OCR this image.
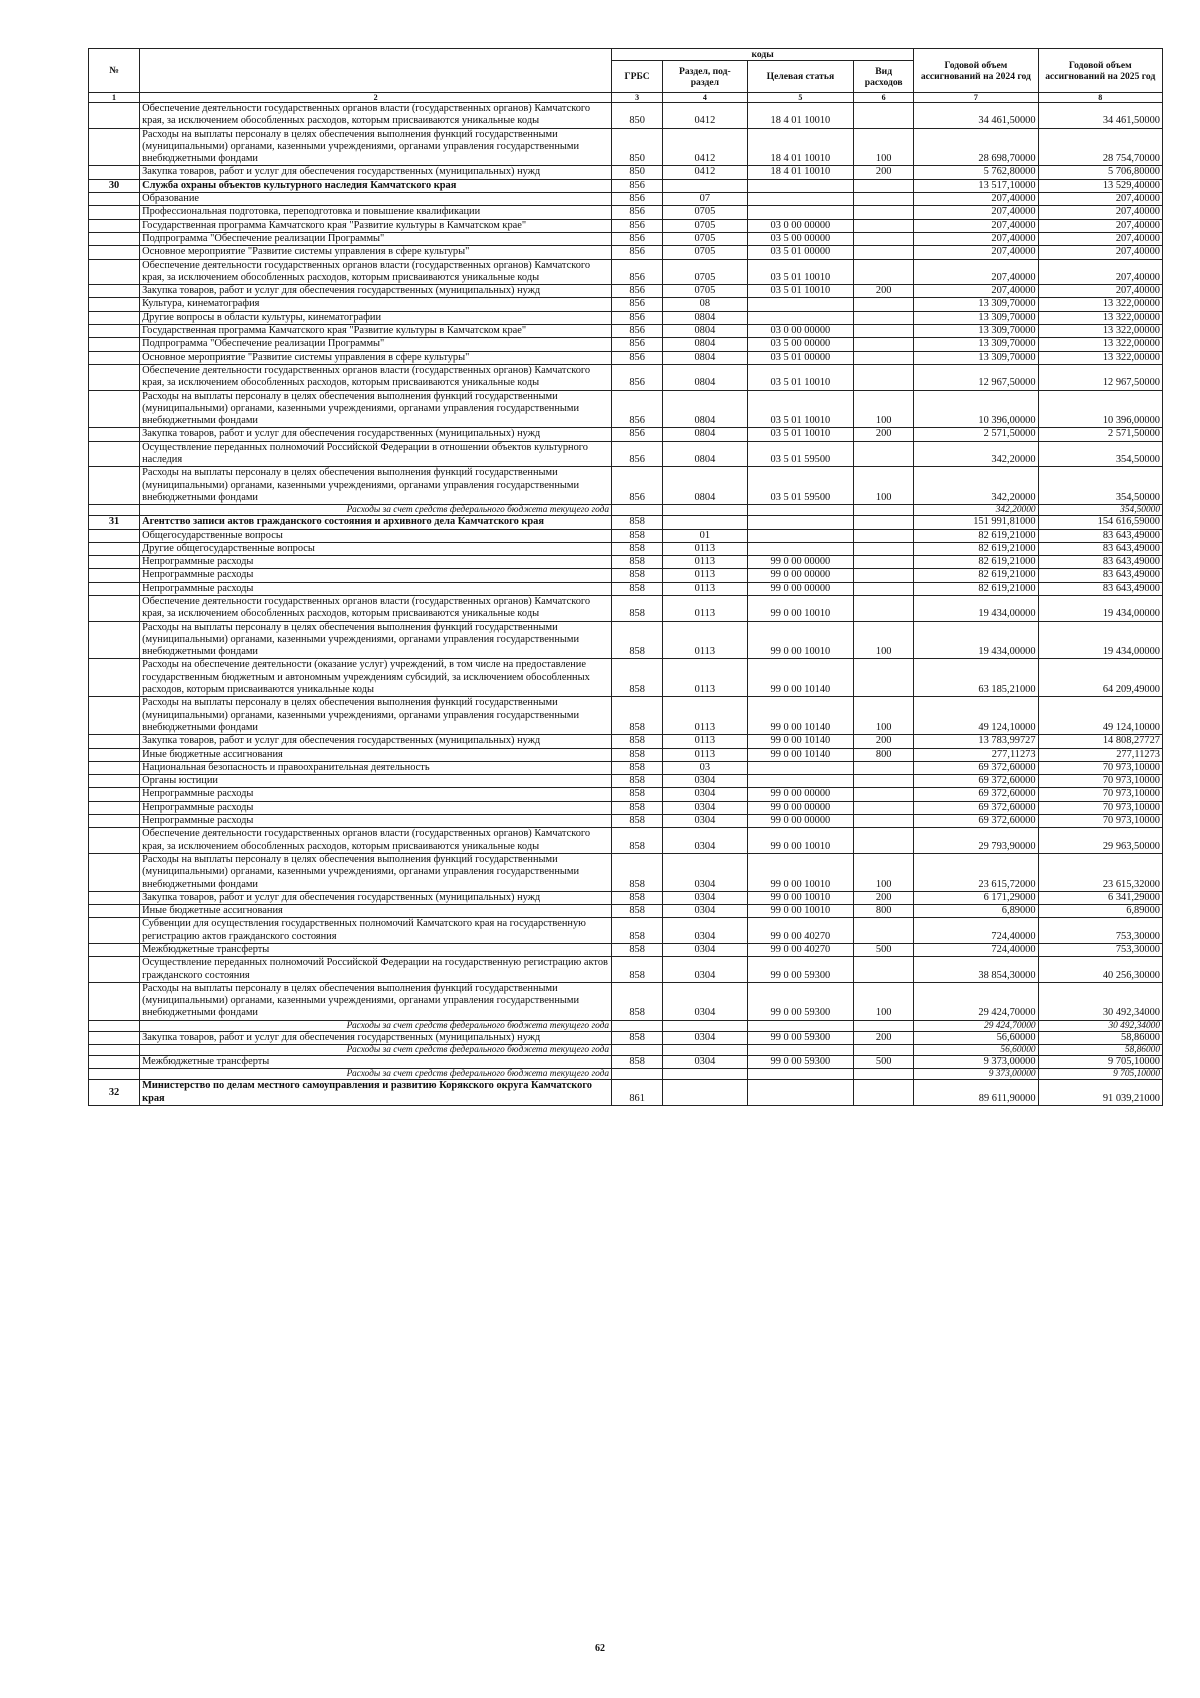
№		коды				Годовой объем ассигнований на 2024 год	Годовой объем ассигнований на 2025 год
		ГРБС	Раздел, под-раздел	Целевая статья	Вид расходов		
1	2	3	4	5	6	7	8
	Обеспечение деятельности государственных органов власти (государственных органов) Камчатского края, за исключением обособленных расходов, которым присваиваются уникальные коды	850	0412	18 4 01 10010		34 461,50000	34 461,50000
	Расходы на выплаты персоналу в целях обеспечения выполнения функций государственными (муниципальными) органами, казенными учреждениями, органами управления государственными внебюджетными фондами	850	0412	18 4 01 10010	100	28 698,70000	28 754,70000
	Закупка товаров, работ и услуг для обеспечения государственных (муниципальных) нужд	850	0412	18 4 01 10010	200	5 762,80000	5 706,80000
30	Служба охраны объектов культурного наследия Камчатского края	856				13 517,10000	13 529,40000
	Образование	856	07			207,40000	207,40000
	Профессиональная подготовка, переподготовка и повышение квалификации	856	0705			207,40000	207,40000
	Государственная программа Камчатского края "Развитие культуры в Камчатском крае"	856	0705	03 0 00 00000		207,40000	207,40000
	Подпрограмма "Обеспечение реализации Программы"	856	0705	03 5 00 00000		207,40000	207,40000
	Основное мероприятие "Развитие системы управления в сфере культуры"	856	0705	03 5 01 00000		207,40000	207,40000
	Обеспечение деятельности государственных органов власти (государственных органов) Камчатского края, за исключением обособленных расходов, которым присваиваются уникальные коды	856	0705	03 5 01 10010		207,40000	207,40000
	Закупка товаров, работ и услуг для обеспечения государственных (муниципальных) нужд	856	0705	03 5 01 10010	200	207,40000	207,40000
	Культура, кинематография	856	08			13 309,70000	13 322,00000
	Другие вопросы в области культуры, кинематографии	856	0804			13 309,70000	13 322,00000
	Государственная программа Камчатского края "Развитие культуры в Камчатском крае"	856	0804	03 0 00 00000		13 309,70000	13 322,00000
	Подпрограмма "Обеспечение реализации Программы"	856	0804	03 5 00 00000		13 309,70000	13 322,00000
	Основное мероприятие "Развитие системы управления в сфере культуры"	856	0804	03 5 01 00000		13 309,70000	13 322,00000
	Обеспечение деятельности государственных органов власти (государственных органов) Камчатского края, за исключением обособленных расходов, которым присваиваются уникальные коды	856	0804	03 5 01 10010		12 967,50000	12 967,50000
	Расходы на выплаты персоналу в целях обеспечения выполнения функций государственными (муниципальными) органами, казенными учреждениями, органами управления государственными внебюджетными фондами	856	0804	03 5 01 10010	100	10 396,00000	10 396,00000
	Закупка товаров, работ и услуг для обеспечения государственных (муниципальных) нужд	856	0804	03 5 01 10010	200	2 571,50000	2 571,50000
	Осуществление переданных полномочий Российской Федерации в отношении объектов культурного наследия	856	0804	03 5 01 59500		342,20000	354,50000
	Расходы на выплаты персоналу в целях обеспечения выполнения функций государственными (муниципальными) органами, казенными учреждениями, органами управления государственными внебюджетными фондами	856	0804	03 5 01 59500	100	342,20000	354,50000
	Расходы за счет средств федерального бюджета текущего года					342,20000	354,50000
31	Агентство записи актов гражданского состояния и архивного дела Камчатского края	858				151 991,81000	154 616,59000
	Общегосударственные вопросы	858	01			82 619,21000	83 643,49000
	Другие общегосударственные вопросы	858	0113			82 619,21000	83 643,49000
	Непрограммные расходы	858	0113	99 0 00 00000		82 619,21000	83 643,49000
	Непрограммные расходы	858	0113	99 0 00 00000		82 619,21000	83 643,49000
	Непрограммные расходы	858	0113	99 0 00 00000		82 619,21000	83 643,49000
	Обеспечение деятельности государственных органов власти (государственных органов) Камчатского края, за исключением обособленных расходов, которым присваиваются уникальные коды	858	0113	99 0 00 10010		19 434,00000	19 434,00000
	Расходы на выплаты персоналу в целях обеспечения выполнения функций государственными (муниципальными) органами, казенными учреждениями, органами управления государственными внебюджетными фондами	858	0113	99 0 00 10010	100	19 434,00000	19 434,00000
	Расходы на обеспечение деятельности (оказание услуг) учреждений, в том числе на предоставление государственным бюджетным и автономным учреждениям субсидий, за исключением обособленных расходов, которым присваиваются уникальные коды	858	0113	99 0 00 10140		63 185,21000	64 209,49000
	Расходы на выплаты персоналу в целях обеспечения выполнения функций государственными (муниципальными) органами, казенными учреждениями, органами управления государственными внебюджетными фондами	858	0113	99 0 00 10140	100	49 124,10000	49 124,10000
	Закупка товаров, работ и услуг для обеспечения государственных (муниципальных) нужд	858	0113	99 0 00 10140	200	13 783,99727	14 808,27727
	Иные бюджетные ассигнования	858	0113	99 0 00 10140	800	277,11273	277,11273
	Национальная безопасность и правоохранительная деятельность	858	03			69 372,60000	70 973,10000
	Органы юстиции	858	0304			69 372,60000	70 973,10000
	Непрограммные расходы	858	0304	99 0 00 00000		69 372,60000	70 973,10000
	Непрограммные расходы	858	0304	99 0 00 00000		69 372,60000	70 973,10000
	Непрограммные расходы	858	0304	99 0 00 00000		69 372,60000	70 973,10000
	Обеспечение деятельности государственных органов власти (государственных органов) Камчатского края, за исключением обособленных расходов, которым присваиваются уникальные коды	858	0304	99 0 00 10010		29 793,90000	29 963,50000
	Расходы на выплаты персоналу в целях обеспечения выполнения функций государственными (муниципальными) органами, казенными учреждениями, органами управления государственными внебюджетными фондами	858	0304	99 0 00 10010	100	23 615,72000	23 615,32000
	Закупка товаров, работ и услуг для обеспечения государственных (муниципальных) нужд	858	0304	99 0 00 10010	200	6 171,29000	6 341,29000
	Иные бюджетные ассигнования	858	0304	99 0 00 10010	800	6,89000	6,89000
	Субвенции для осуществления государственных полномочий Камчатского края на государственную регистрацию актов гражданского состояния	858	0304	99 0 00 40270		724,40000	753,30000
	Межбюджетные трансферты	858	0304	99 0 00 40270	500	724,40000	753,30000
	Осуществление переданных полномочий Российской Федерации на государственную регистрацию актов гражданского состояния	858	0304	99 0 00 59300		38 854,30000	40 256,30000
	Расходы на выплаты персоналу в целях обеспечения выполнения функций государственными (муниципальными) органами, казенными учреждениями, органами управления государственными внебюджетными фондами	858	0304	99 0 00 59300	100	29 424,70000	30 492,34000
	Расходы за счет средств федерального бюджета текущего года					29 424,70000	30 492,34000
	Закупка товаров, работ и услуг для обеспечения государственных (муниципальных) нужд	858	0304	99 0 00 59300	200	56,60000	58,86000
	Расходы за счет средств федерального бюджета текущего года					56,60000	58,86000
	Межбюджетные трансферты	858	0304	99 0 00 59300	500	9 373,00000	9 705,10000
	Расходы за счет средств федерального бюджета текущего года					9 373,00000	9 705,10000
32	Министерство по делам местного самоуправления и развитию Корякского округа Камчатского края	861				89 611,90000	91 039,21000
62
